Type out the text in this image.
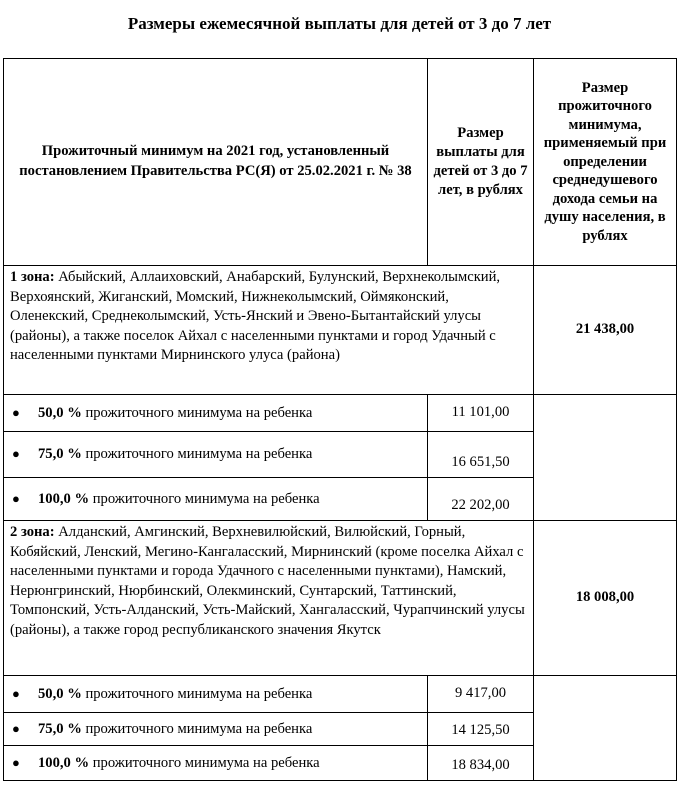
Размеры ежемесячной выплаты для детей от 3 до 7 лет
Прожиточный минимум на 2021 год, установленный постановлением Правительства РС(Я) от 25.02.2021 г. № 38	Размер выплаты для детей от 3 до 7 лет, в рублях	Размер прожиточного минимума, применяемый при определении среднедушевого дохода семьи на душу населения, в рублях
1 зона: Абыйский, Аллаиховский, Анабарский, Булунский, Верхнеколымский, Верхоянский, Жиганский, Момский, Нижнеколымский, Оймяконский, Оленекский, Среднеколымский, Усть-Янский и Эвено-Бытантайский улусы (районы), а также поселок Айхал с населенными пунктами и город Удачный с населенными пунктами Мирнинского улуса (района)		21 438,00
● 50,0 % прожиточного минимума на ребенка	11 101,00	
● 75,0 % прожиточного минимума на ребенка	16 651,50	
● 100,0 % прожиточного минимума на ребенка	22 202,00	
2 зона: Алданский, Амгинский, Верхневилюйский, Вилюйский, Горный, Кобяйский, Ленский, Мегино-Кангаласский, Мирнинский (кроме поселка Айхал с населенными пунктами и города Удачного с населенными пунктами), Намский, Нерюнгринский, Нюрбинский, Олекминский, Сунтарский, Таттинский, Томпонский, Усть-Алданский, Усть-Майский, Хангаласский, Чурапчинский улусы (районы), а также город республиканского значения Якутск		18 008,00
● 50,0 % прожиточного минимума на ребенка	9 417,00	
● 75,0 % прожиточного минимума на ребенка	14 125,50	
● 100,0 % прожиточного минимума на ребенка	18 834,00	
